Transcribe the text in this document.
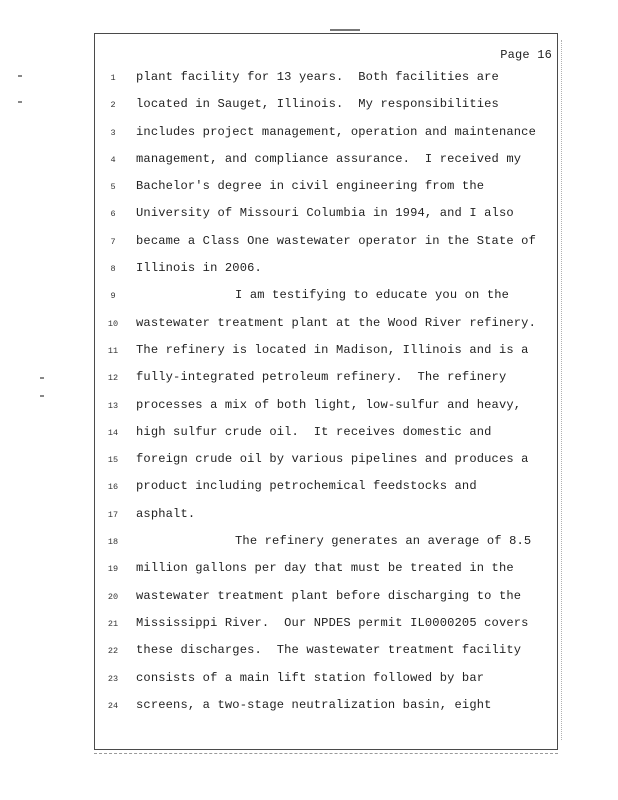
Page 16
1	plant facility for 13 years.  Both facilities are
2	located in Sauget, Illinois.  My responsibilities
3	includes project management, operation and maintenance
4	management, and compliance assurance.  I received my
5	Bachelor's degree in civil engineering from the
6	University of Missouri Columbia in 1994, and I also
7	became a Class One wastewater operator in the State of
8	Illinois in 2006.
9	I am testifying to educate you on the
10	wastewater treatment plant at the Wood River refinery.
11	The refinery is located in Madison, Illinois and is a
12	fully-integrated petroleum refinery.  The refinery
13	processes a mix of both light, low-sulfur and heavy,
14	high sulfur crude oil.  It receives domestic and
15	foreign crude oil by various pipelines and produces a
16	product including petrochemical feedstocks and
17	asphalt.
18	The refinery generates an average of 8.5
19	million gallons per day that must be treated in the
20	wastewater treatment plant before discharging to the
21	Mississippi River.  Our NPDES permit IL0000205 covers
22	these discharges.  The wastewater treatment facility
23	consists of a main lift station followed by bar
24	screens, a two-stage neutralization basin, eight
